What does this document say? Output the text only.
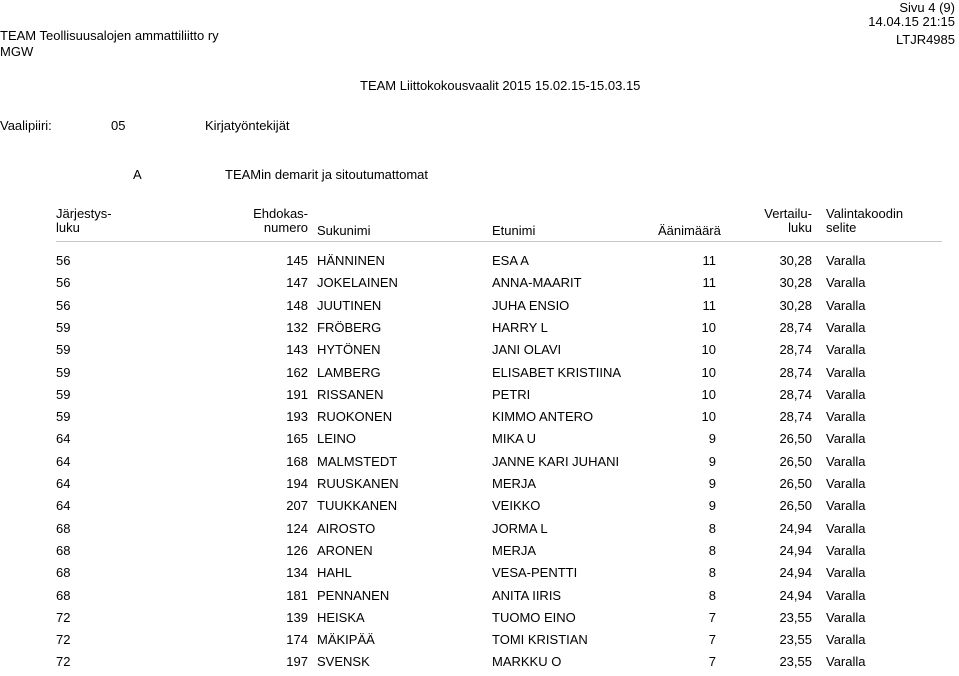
Sivu 4 (9)
14.04.15 21:15
TEAM Teollisuusalojen ammattiliitto ry
MGW
LTJR4985
TEAM Liittokokousvaalit 2015 15.02.15-15.03.15
Vaalipiiri:	05	Kirjatyöntekijät
A	TEAMin demarit ja sitoutumattomat
Järjestys-
luku
Ehdokas-
numero Sukunimi	Etunimi	Äänimäärä
Vertailu-
luku
Valintakoodin
selite
56	145 HÄNNINEN	ESA A	11	30,28 Varalla
56	147 JOKELAINEN	ANNA-MAARIT	11	30,28 Varalla
56	148 JUUTINEN	JUHA ENSIO	11	30,28 Varalla
59	132 FRÖBERG	HARRY L	10	28,74 Varalla
59	143 HYTÖNEN	JANI OLAVI	10	28,74 Varalla
59	162 LAMBERG	ELISABET KRISTIINA	10	28,74 Varalla
59	191 RISSANEN	PETRI	10	28,74 Varalla
59	193 RUOKONEN	KIMMO ANTERO	10	28,74 Varalla
64	165 LEINO	MIKA U	9	26,50 Varalla
64	168 MALMSTEDT	JANNE KARI JUHANI	9	26,50 Varalla
64	194 RUUSKANEN	MERJA	9	26,50 Varalla
64	207 TUUKKANEN	VEIKKO	9	26,50 Varalla
68	124 AIROSTO	JORMA L	8	24,94 Varalla
68	126 ARONEN	MERJA	8	24,94 Varalla
68	134 HAHL	VESA-PENTTI	8	24,94 Varalla
68	181 PENNANEN	ANITA IIRIS	8	24,94 Varalla
72	139 HEISKA	TUOMO EINO	7	23,55 Varalla
72	174 MÄKIPÄÄ	TOMI KRISTIAN	7	23,55 Varalla
72	197 SVENSK	MARKKU O	7	23,55 Varalla
